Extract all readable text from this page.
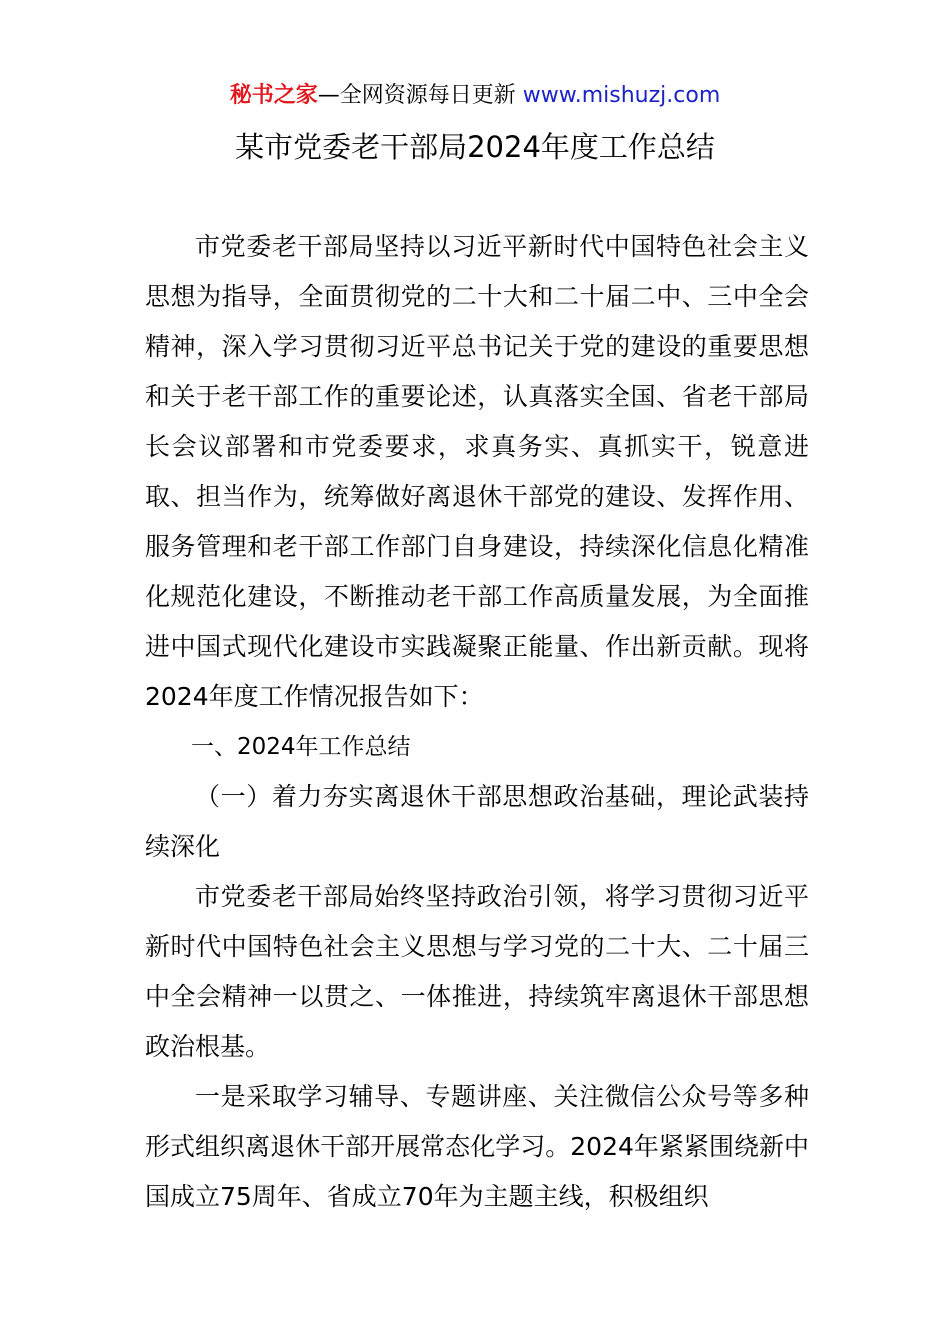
秘书之家—全网资源每日更新 www.mishuzj.com
某市党委老干部局2024年度工作总结

市党委老干部局坚持以习近平新时代中国特色社会主义思想为指导，全面贯彻党的二十大和二十届二中、三中全会精神，深入学习贯彻习近平总书记关于党的建设的重要思想和关于老干部工作的重要论述，认真落实全国、省老干部局长会议部署和市党委要求，求真务实、真抓实干，锐意进取、担当作为，统筹做好离退休干部党的建设、发挥作用、服务管理和老干部工作部门自身建设，持续深化信息化精准化规范化建设，不断推动老干部工作高质量发展，为全面推进中国式现代化建设市实践凝聚正能量、作出新贡献。现将2024年度工作情况报告如下：

一、2024年工作总结

（一）着力夯实离退休干部思想政治基础，理论武装持续深化

市党委老干部局始终坚持政治引领，将学习贯彻习近平新时代中国特色社会主义思想与学习党的二十大、二十届三中全会精神一以贯之、一体推进，持续筑牢离退休干部思想政治根基。

一是采取学习辅导、专题讲座、关注微信公众号等多种形式组织离退休干部开展常态化学习。2024年紧紧围绕新中国成立75周年、省成立70年为主题主线，积极组织
